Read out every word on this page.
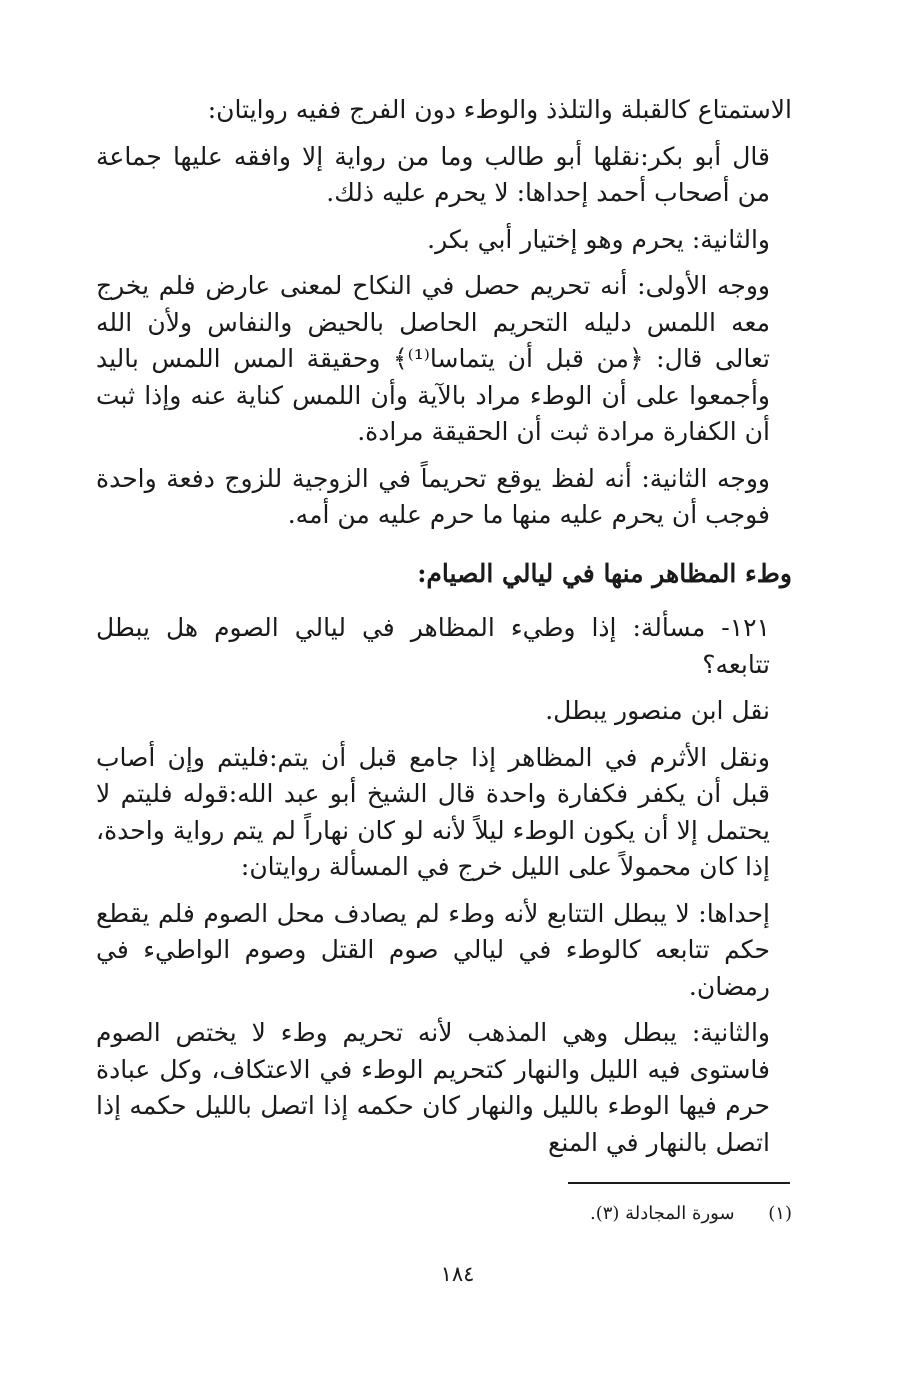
الاستمتاع كالقبلة والتلذذ والوطء دون الفرج ففيه روايتان:

قال أبو بكر:نقلها أبو طالب وما من رواية إلا وافقه عليها جماعة من أصحاب أحمد إحداها: لا يحرم عليه ذلك.

والثانية: يحرم وهو إختيار أبي بكر.

ووجه الأولى: أنه تحريم حصل في النكاح لمعنى عارض فلم يخرج معه اللمس دليله التحريم الحاصل بالحيض والنفاس ولأن الله تعالى قال: ﴿من قبل أن يتماسا⁽¹⁾﴾ وحقيقة المس اللمس باليد وأجمعوا على أن الوطء مراد بالآية وأن اللمس كناية عنه وإذا ثبت أن الكفارة مرادة ثبت أن الحقيقة مرادة.

ووجه الثانية: أنه لفظ يوقع تحريماً في الزوجية للزوج دفعة واحدة فوجب أن يحرم عليه منها ما حرم عليه من أمه.

وطء المظاهر منها في ليالي الصيام:

١٢١- مسألة: إذا وطيء المظاهر في ليالي الصوم هل يبطل تتابعه؟

نقل ابن منصور يبطل.

ونقل الأثرم في المظاهر إذا جامع قبل أن يتم:فليتم وإن أصاب قبل أن يكفر فكفارة واحدة قال الشيخ أبو عبد الله:قوله فليتم لا يحتمل إلا أن يكون الوطء ليلاً لأنه لو كان نهاراً لم يتم رواية واحدة، إذا كان محمولاً على الليل خرج في المسألة روايتان:

إحداها: لا يبطل التتابع لأنه وطء لم يصادف محل الصوم فلم يقطع حكم تتابعه كالوطء في ليالي صوم القتل وصوم الواطيء في رمضان.

والثانية: يبطل وهي المذهب لأنه تحريم وطء لا يختص الصوم فاستوى فيه الليل والنهار كتحريم الوطء في الاعتكاف، وكل عبادة حرم فيها الوطء بالليل والنهار كان حكمه إذا اتصل بالليل حكمه إذا اتصل بالنهار في المنع

(١) سورة المجادلة (٣).
١٨٤
